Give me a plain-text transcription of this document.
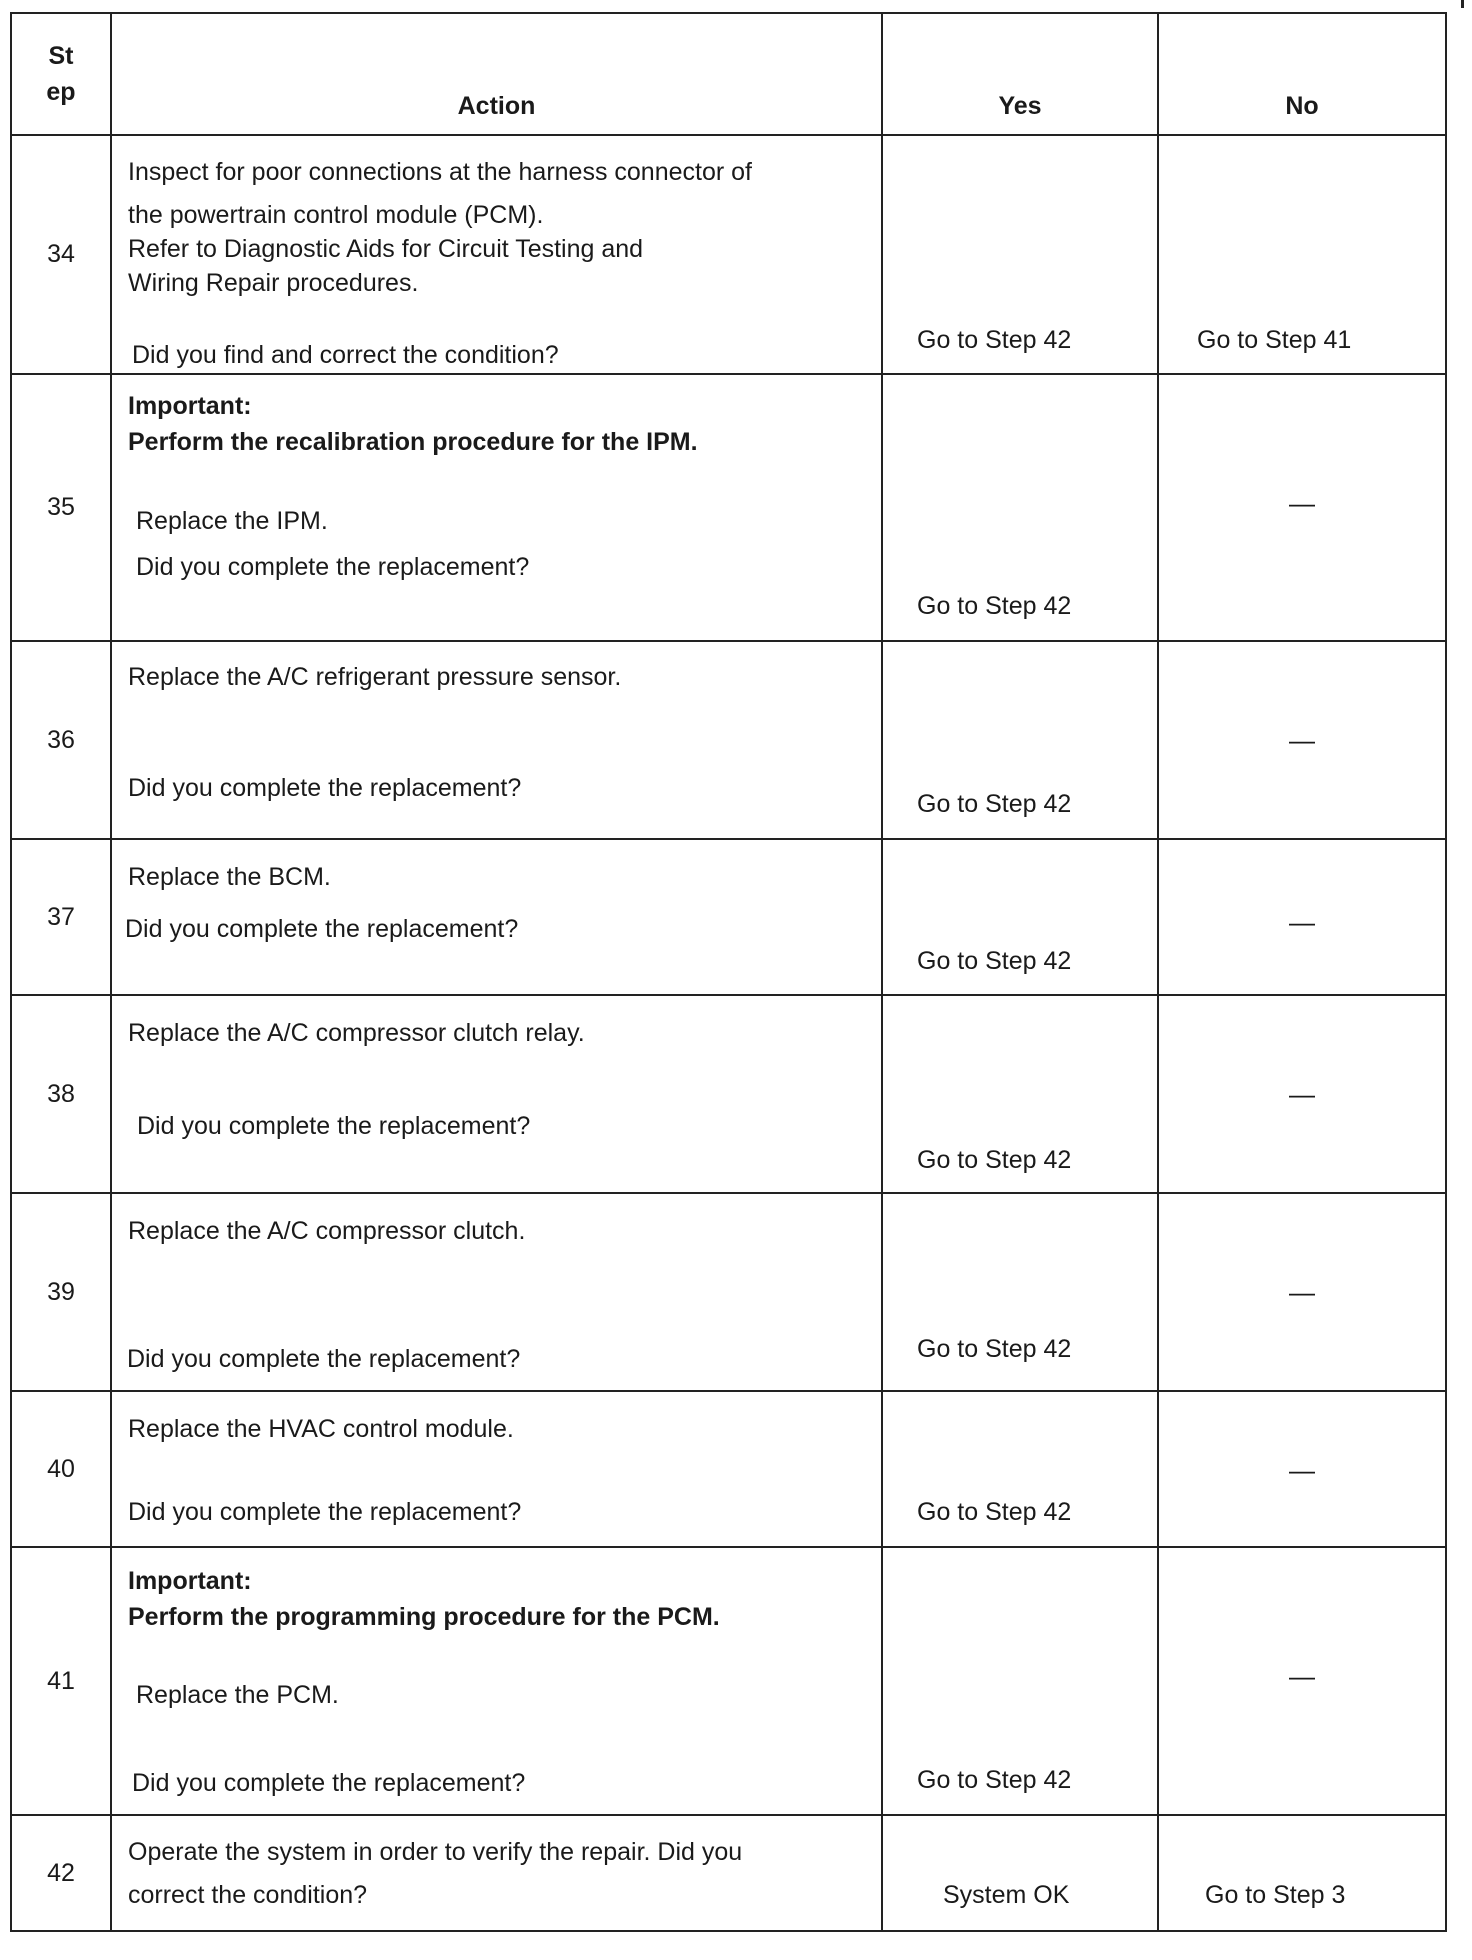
St
ep	Action	Yes	No
34	Inspect for poor connections at the harness connector of
the powertrain control module (PCM).
Refer to Diagnostic Aids for Circuit Testing and
Wiring Repair procedures.
Did you find and correct the condition?	Go to Step 42	Go to Step 41

35	Important:
Perform the recalibration procedure for the IPM.
Replace the IPM.
Did you complete the replacement?	Go to Step 42	—

36	Replace the A/C refrigerant pressure sensor.
Did you complete the replacement?	Go to Step 42	—

37	Replace the BCM.
Did you complete the replacement?	Go to Step 42	—

38	Replace the A/C compressor clutch relay.
Did you complete the replacement?	Go to Step 42	—

39	Replace the A/C compressor clutch.
Did you complete the replacement?	Go to Step 42	—

40	Replace the HVAC control module.
Did you complete the replacement?	Go to Step 42	—

41	Important:
Perform the programming procedure for the PCM.
Replace the PCM.
Did you complete the replacement?	Go to Step 42	—

42	Operate the system in order to verify the repair. Did you
correct the condition?	System OK	Go to Step 3
